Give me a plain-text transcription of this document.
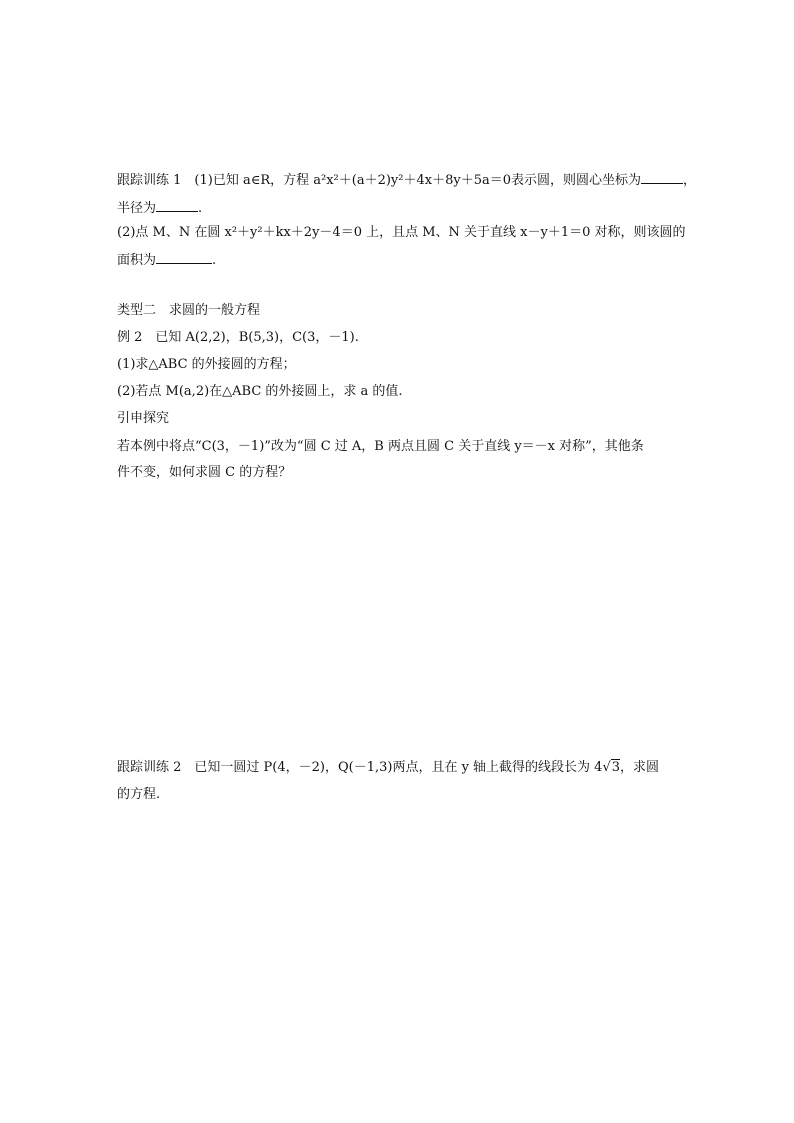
跟踪训练 1　(1)已知 a∈R，方程 a²x²＋(a＋2)y²＋4x＋8y＋5a＝0表示圆，则圆心坐标为	，
半径为	.
(2)点 M、N 在圆 x²＋y²＋kx＋2y－4＝0 上，且点 M、N 关于直线 x－y＋1＝0 对称，则该圆的
面积为	.
类型二　求圆的一般方程
例 2　已知 A(2,2)，B(5,3)，C(3，－1).
(1)求△ABC 的外接圆的方程；
(2)若点 M(a,2)在△ABC 的外接圆上，求 a 的值.
引申探究
若本例中将点“C(3，－1)”改为“圆 C 过 A，B 两点且圆 C 关于直线 y＝－x 对称”，其他条
件不变，如何求圆 C 的方程？
跟踪训练 2　已知一圆过 P(4，－2)，Q(－1,3)两点，且在 y 轴上截得的线段长为 4√3，求圆
的方程.
